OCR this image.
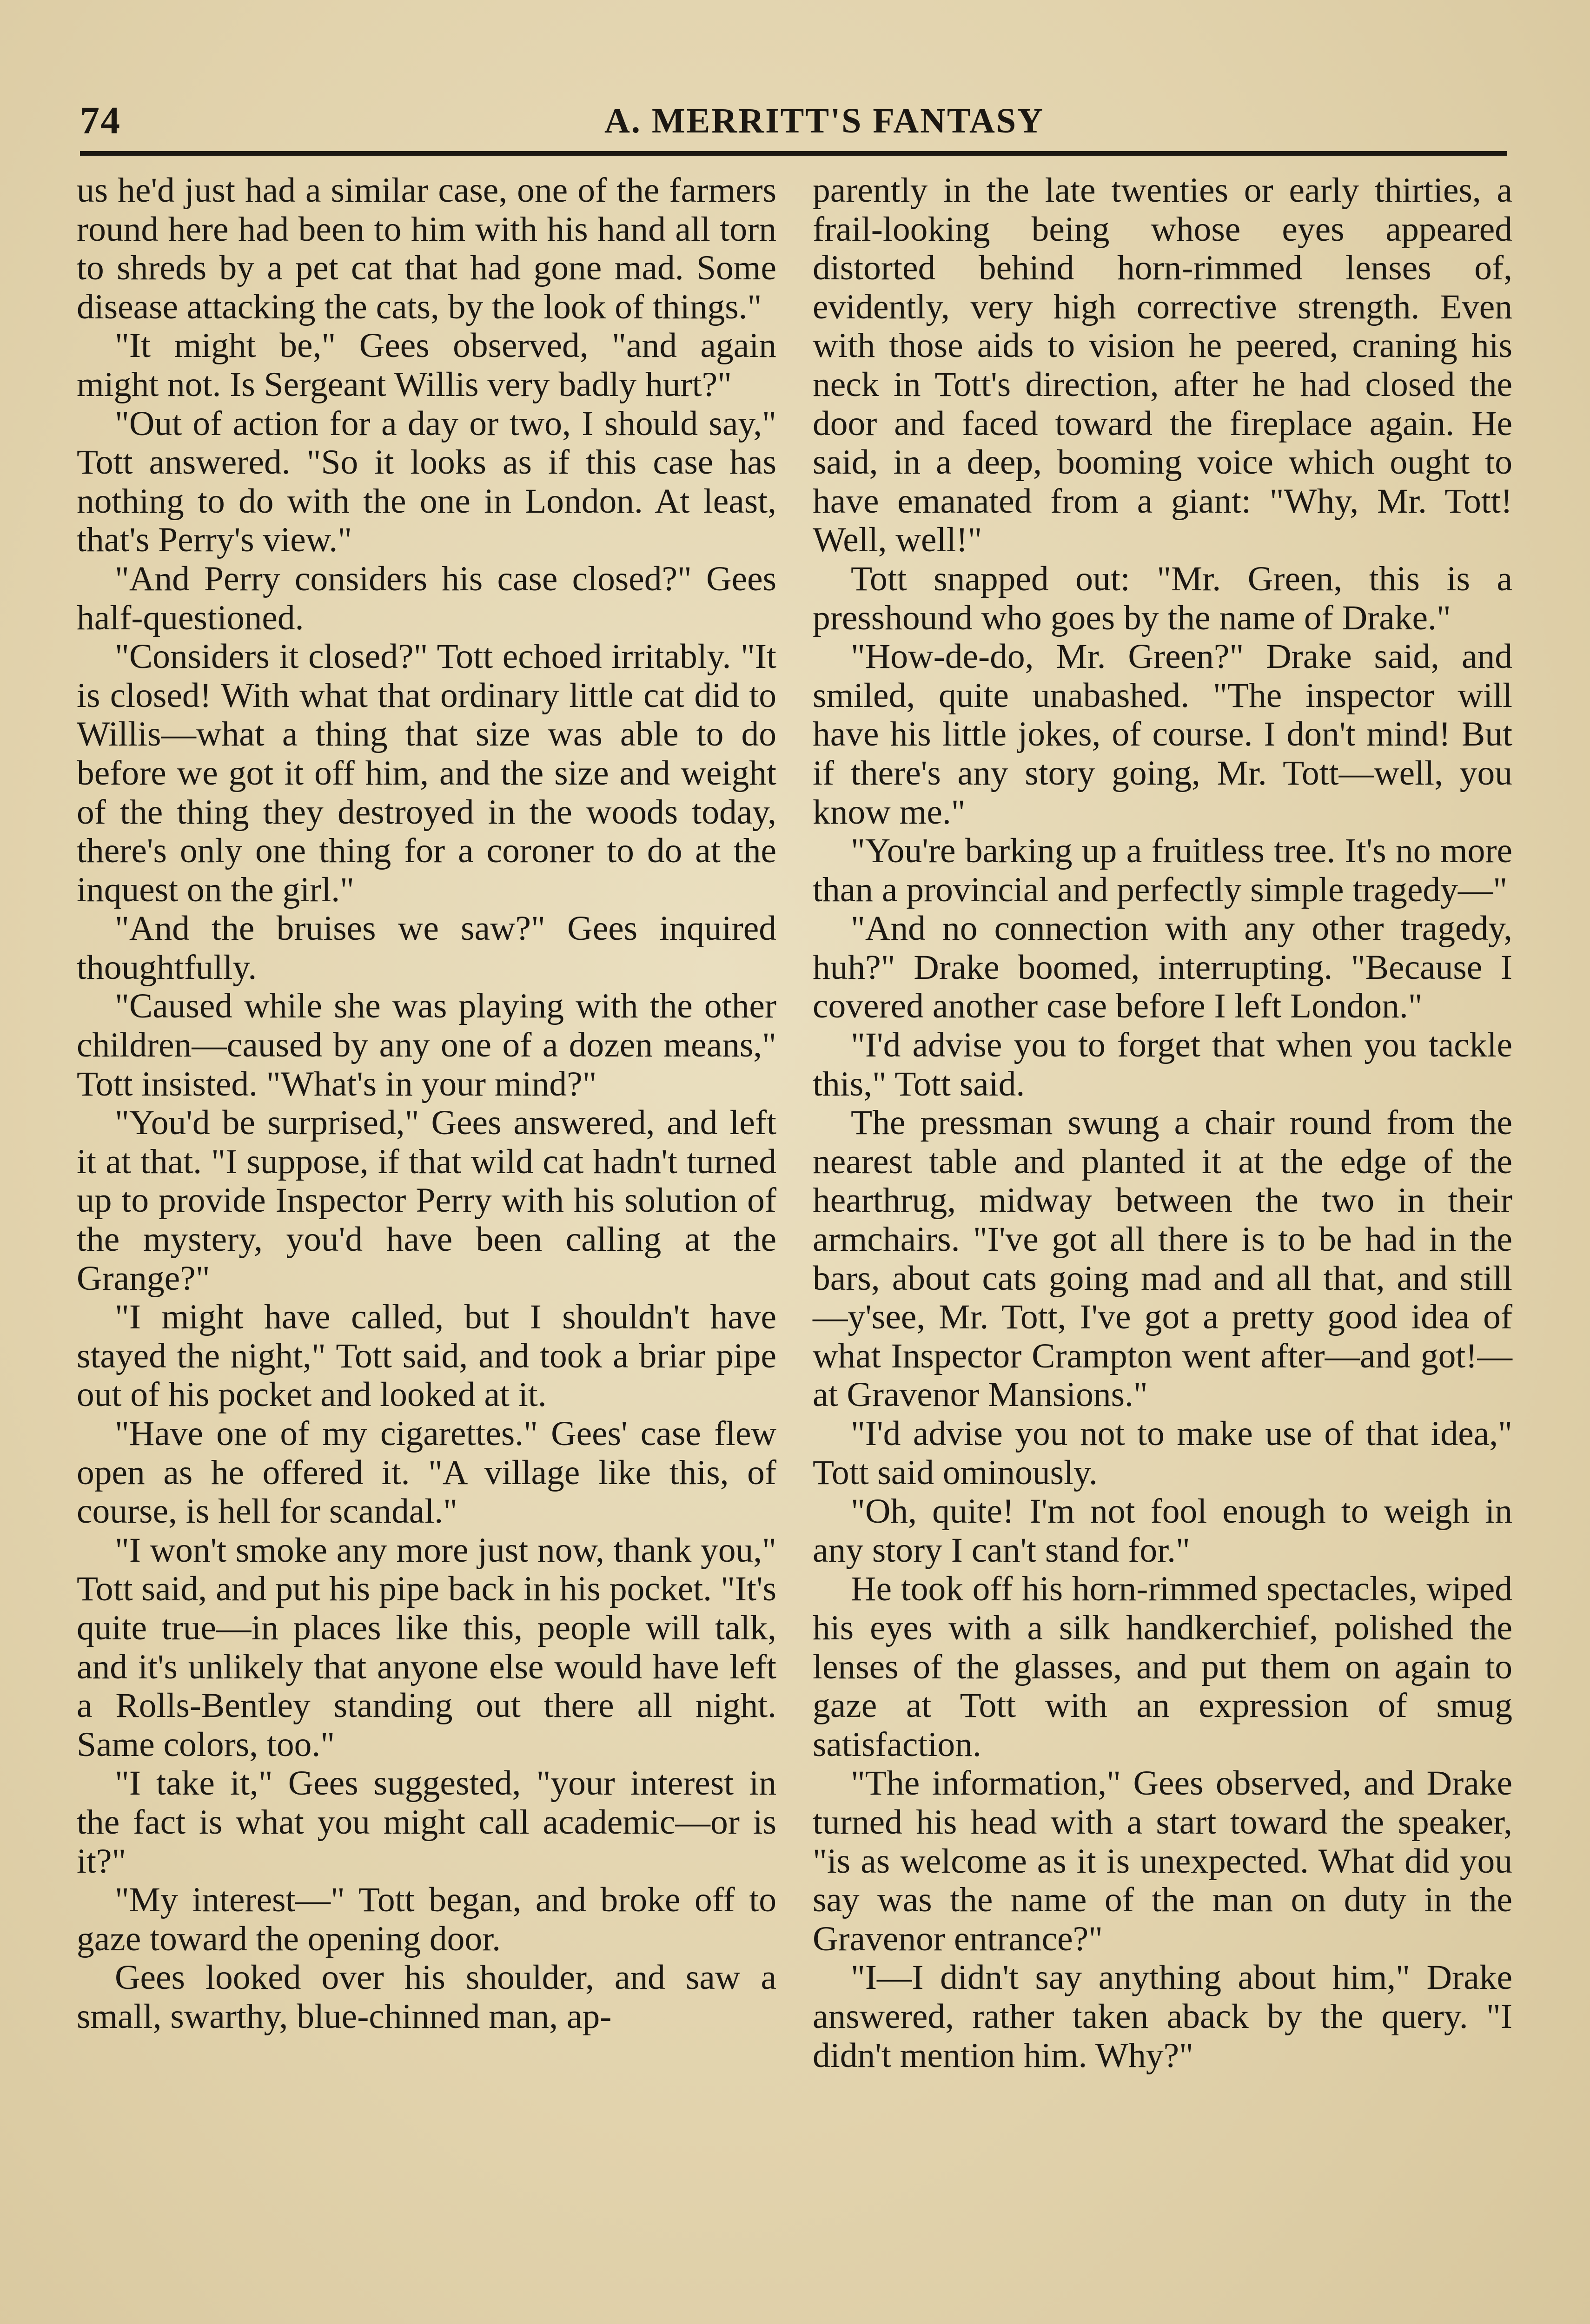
74	A. MERRITT'S FANTASY

us he'd just had a similar case, one of the farmers round here had been to him with his hand all torn to shreds by a pet cat that had gone mad. Some disease attacking the cats, by the look of things."

"It might be," Gees observed, "and again might not. Is Sergeant Willis very badly hurt?"

"Out of action for a day or two, I should say," Tott answered. "So it looks as if this case has nothing to do with the one in London. At least, that's Perry's view."

"And Perry considers his case closed?" Gees half-questioned.

"Considers it closed?" Tott echoed irritably. "It is closed! With what that ordinary little cat did to Willis—what a thing that size was able to do before we got it off him, and the size and weight of the thing they destroyed in the woods today, there's only one thing for a coroner to do at the inquest on the girl."

"And the bruises we saw?" Gees inquired thoughtfully.

"Caused while she was playing with the other children—caused by any one of a dozen means," Tott insisted. "What's in your mind?"

"You'd be surprised," Gees answered, and left it at that. "I suppose, if that wild cat hadn't turned up to provide Inspector Perry with his solution of the mystery, you'd have been calling at the Grange?"

"I might have called, but I shouldn't have stayed the night," Tott said, and took a briar pipe out of his pocket and looked at it.

"Have one of my cigarettes." Gees' case flew open as he offered it. "A village like this, of course, is hell for scandal."

"I won't smoke any more just now, thank you," Tott said, and put his pipe back in his pocket. "It's quite true—in places like this, people will talk, and it's unlikely that anyone else would have left a Rolls-Bentley standing out there all night. Same colors, too."

"I take it," Gees suggested, "your interest in the fact is what you might call academic—or is it?"

"My interest—" Tott began, and broke off to gaze toward the opening door.

Gees looked over his shoulder, and saw a small, swarthy, blue-chinned man, ap-

parently in the late twenties or early thirties, a frail-looking being whose eyes appeared distorted behind horn-rimmed lenses of, evidently, very high corrective strength. Even with those aids to vision he peered, craning his neck in Tott's direction, after he had closed the door and faced toward the fireplace again. He said, in a deep, booming voice which ought to have emanated from a giant: "Why, Mr. Tott! Well, well!"

Tott snapped out: "Mr. Green, this is a presshound who goes by the name of Drake."

"How-de-do, Mr. Green?" Drake said, and smiled, quite unabashed. "The inspector will have his little jokes, of course. I don't mind! But if there's any story going, Mr. Tott—well, you know me."

"You're barking up a fruitless tree. It's no more than a provincial and perfectly simple tragedy—"

"And no connection with any other tragedy, huh?" Drake boomed, interrupting. "Because I covered another case before I left London."

"I'd advise you to forget that when you tackle this," Tott said.

The pressman swung a chair round from the nearest table and planted it at the edge of the hearthrug, midway between the two in their armchairs. "I've got all there is to be had in the bars, about cats going mad and all that, and still—y'see, Mr. Tott, I've got a pretty good idea of what Inspector Crampton went after—and got!—at Gravenor Mansions."

"I'd advise you not to make use of that idea," Tott said ominously.

"Oh, quite! I'm not fool enough to weigh in any story I can't stand for."

He took off his horn-rimmed spectacles, wiped his eyes with a silk handkerchief, polished the lenses of the glasses, and put them on again to gaze at Tott with an expression of smug satisfaction.

"The information," Gees observed, and Drake turned his head with a start toward the speaker, "is as welcome as it is unexpected. What did you say was the name of the man on duty in the Gravenor entrance?"

"I—I didn't say anything about him," Drake answered, rather taken aback by the query. "I didn't mention him. Why?"
